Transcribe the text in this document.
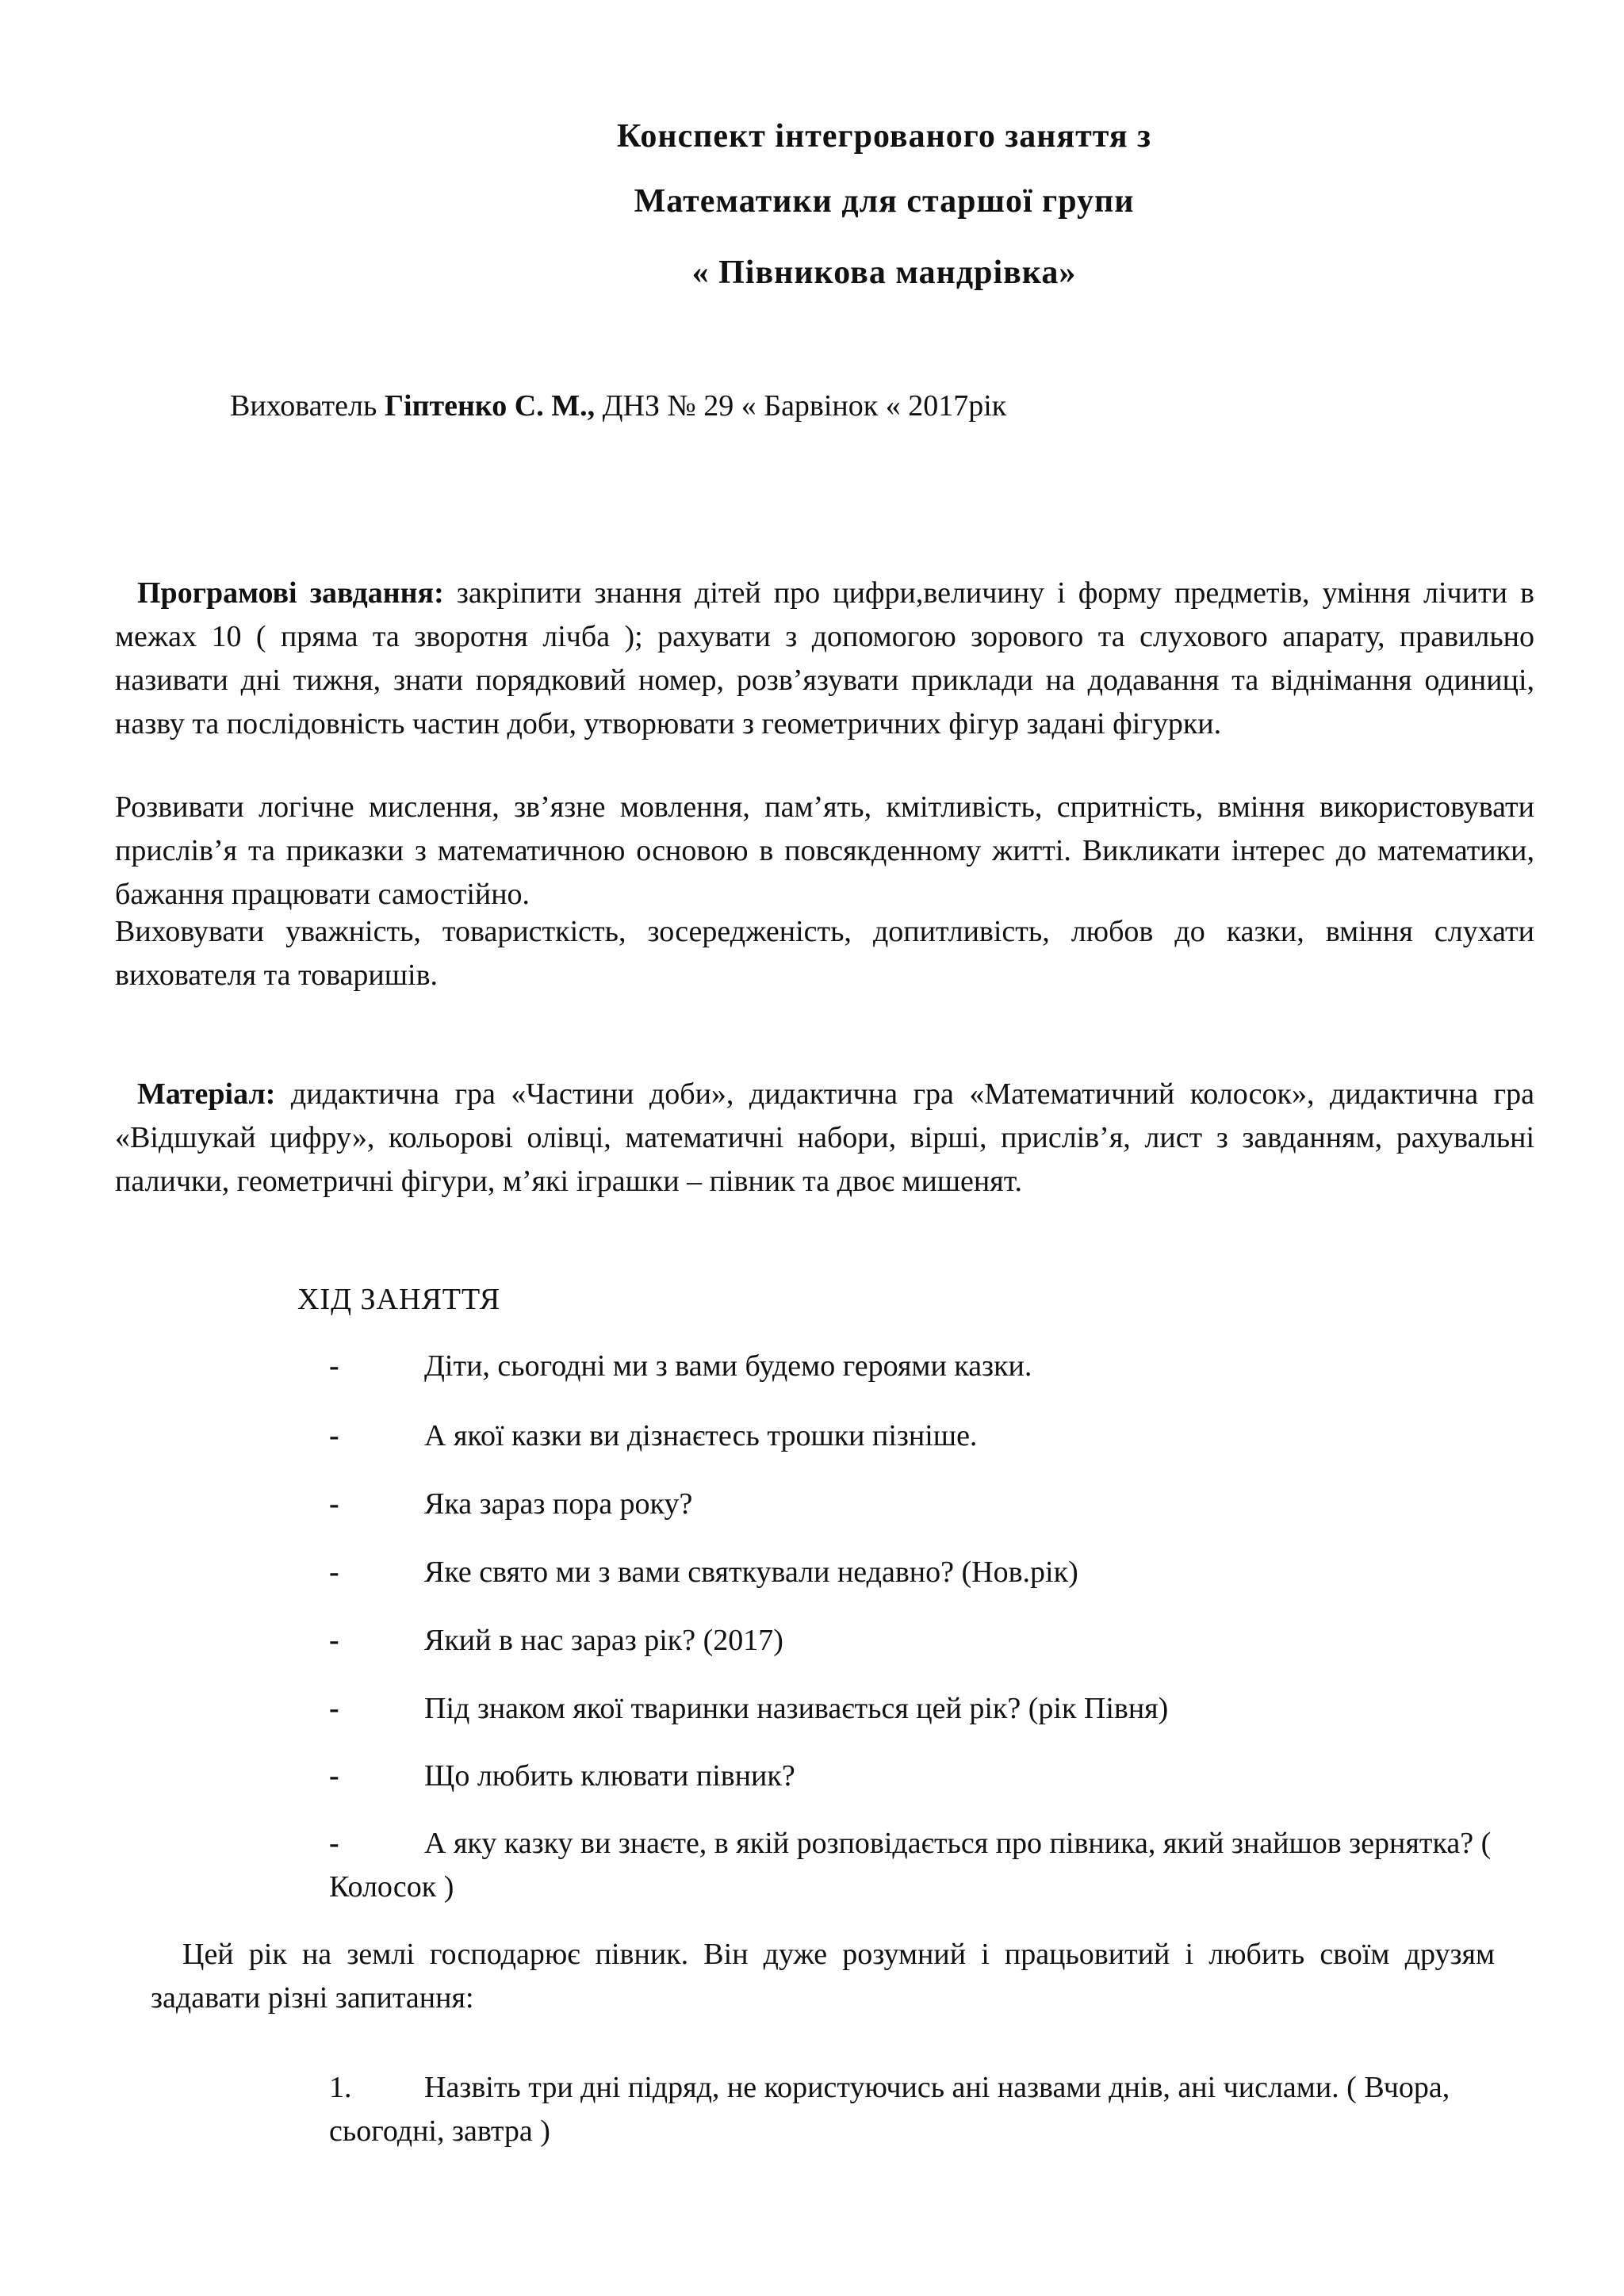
Конспект інтегрованого заняття з
Математики для старшої групи
« Півникова мандрівка»
Вихователь Гіптенко С. М., ДНЗ № 29 « Барвінок « 2017рік
Програмові завдання: закріпити знання дітей про цифри,величину і форму предметів, уміння лічити в межах 10 ( пряма та зворотня лічба ); рахувати з допомогою зорового та слухового апарату, правильно називати дні тижня, знати порядковий номер, розв’язувати приклади на додавання та віднімання одиниці, назву та послідовність частин доби, утворювати з геометричних фігур задані фігурки.
Розвивати логічне мислення, зв’язне мовлення, пам’ять, кмітливість, спритність, вміння використовувати прислів’я та приказки з математичною основою в повсякденному житті. Викликати інтерес до математики, бажання працювати самостійно.
Виховувати уважність, товаристкість, зосередженість, допитливість, любов до казки, вміння слухати вихователя та товаришів.
Матеріал: дидактична гра «Частини доби», дидактична гра «Математичний колосок», дидактична гра «Відшукай цифру», кольорові олівці, математичні набори, вірші, прислів’я, лист з завданням, рахувальні палички, геометричні фігури, м’які іграшки – півник та двоє мишенят.
ХІД ЗАНЯТТЯ
-	Діти, сьогодні ми з вами будемо героями казки.
-	А якої казки ви дізнаєтесь трошки пізніше.
-	Яка зараз пора року?
-	Яке свято ми з вами святкували недавно? (Нов.рік)
-	Який в нас зараз рік? (2017)
-	Під знаком якої тваринки називається цей рік? (рік Півня)
-	Що любить клювати півник?
-	А яку казку ви знаєте, в якій розповідається про півника, який знайшов зернятка? ( Колосок )
Цей рік на землі господарює півник. Він дуже розумний і працьовитий і любить своїм друзям задавати різні запитання:
1.	Назвіть три дні підряд, не користуючись ані назвами днів, ані числами. ( Вчора, сьогодні, завтра )
